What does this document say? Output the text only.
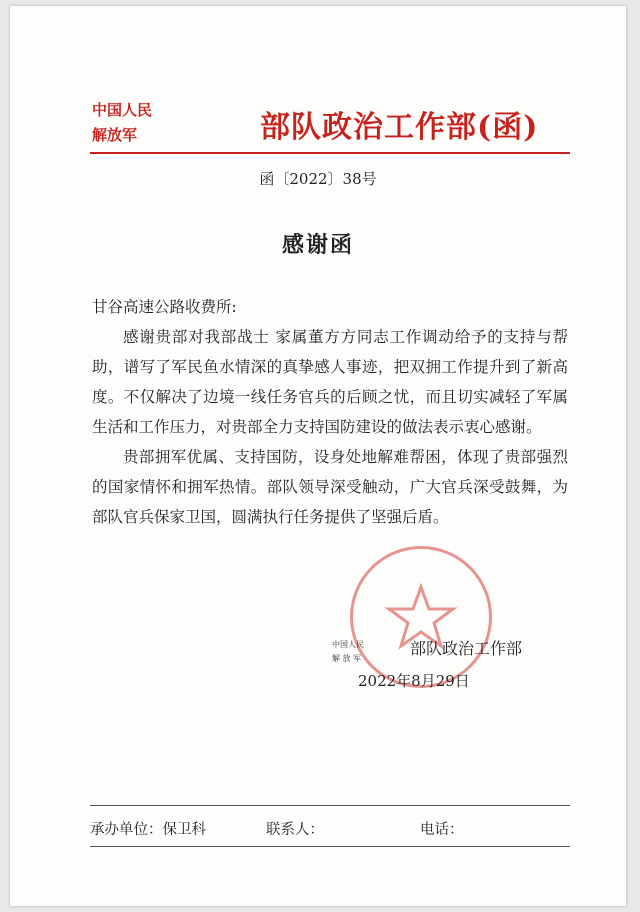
中国人民
解放军	部队政治工作部(函)
函〔2022〕38号
感谢函

甘谷高速公路收费所:

感谢贵部对我部战士 家属董方方同志工作调动给予的支持与帮助，谱写了军民鱼水情深的真挚感人事迹，把双拥工作提升到了新高度。不仅解决了边境一线任务官兵的后顾之忧，而且切实减轻了军属生活和工作压力，对贵部全力支持国防建设的做法表示衷心感谢。

贵部拥军优属、支持国防，设身处地解难帮困，体现了贵部强烈的国家情怀和拥军热情。部队领导深受触动，广大官兵深受鼓舞，为部队官兵保家卫国，圆满执行任务提供了坚强后盾。

中国人民
解 放 军
部队政治工作部
2022年8月29日
承办单位：保卫科	联系人：	电话：
